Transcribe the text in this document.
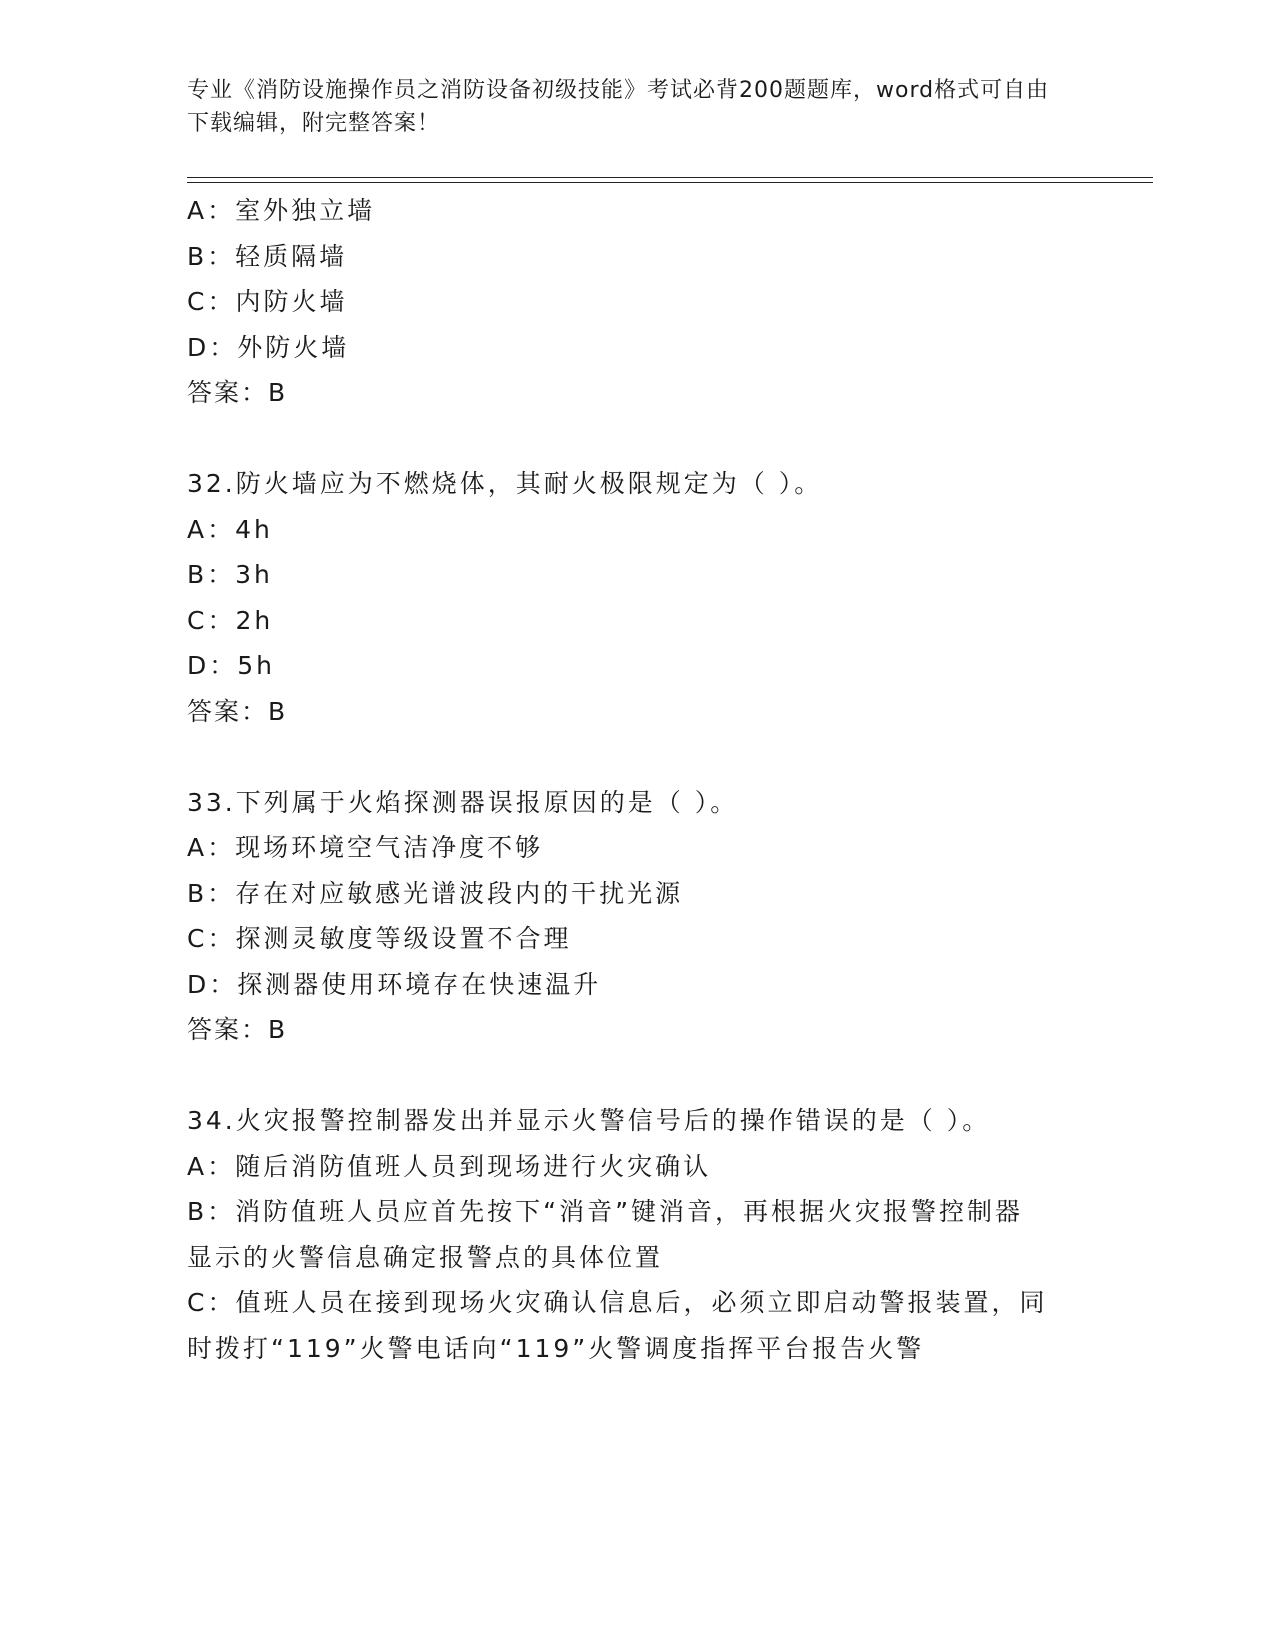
专业《消防设施操作员之消防设备初级技能》考试必背200题题库，word格式可自由下载编辑，附完整答案！
A：室外独立墙
B：轻质隔墙
C：内防火墙
D：外防火墙
答案：B
32.防火墙应为不燃烧体，其耐火极限规定为（ ）。
A：4h
B：3h
C：2h
D：5h
答案：B
33.下列属于火焰探测器误报原因的是（ ）。
A：现场环境空气洁净度不够
B：存在对应敏感光谱波段内的干扰光源
C：探测灵敏度等级设置不合理
D：探测器使用环境存在快速温升
答案：B
34.火灾报警控制器发出并显示火警信号后的操作错误的是（ ）。
A：随后消防值班人员到现场进行火灾确认
B：消防值班人员应首先按下“消音”键消音，再根据火灾报警控制器
显示的火警信息确定报警点的具体位置
C：值班人员在接到现场火灾确认信息后，必须立即启动警报装置，同
时拨打“119”火警电话向“119”火警调度指挥平台报告火警
